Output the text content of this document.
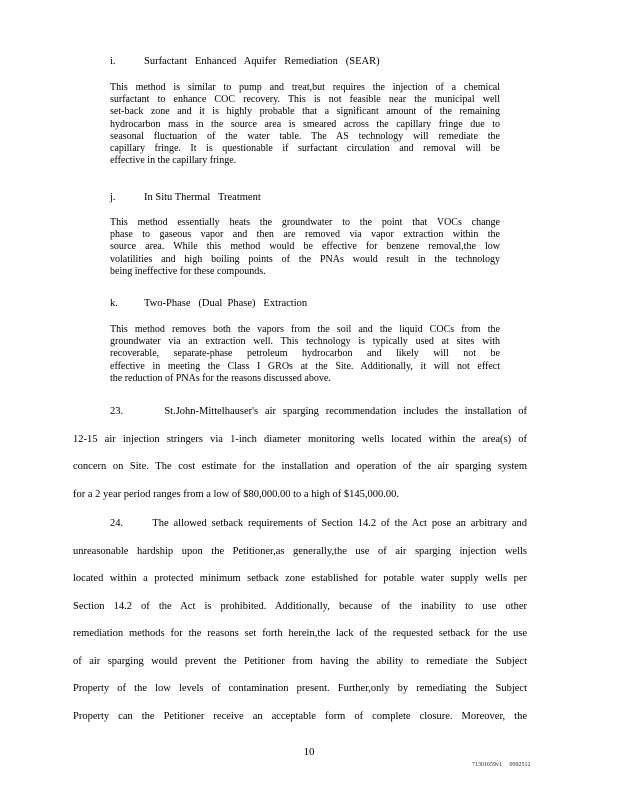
i.	Surfactant   Enhanced   Aquifer   Remediation   (SEAR)
This method is similar to pump and treat,but requires the injection of a chemical
surfactant to enhance COC recovery. This is not feasible near the municipal well
set-back zone and it is highly probable that a significant amount of the remaining
hydrocarbon mass in the source area is smeared across the capillary fringe due to
seasonal fluctuation of the water table. The AS technology will remediate the
capillary fringe. It is questionable if surfactant circulation and removal will be
effective in the capillary fringe.
j.	In Situ Thermal   Treatment
This method essentially heats the groundwater to the point that VOCs change
phase to gaseous vapor and then are removed via vapor extraction within the
source area. While this method would be effective for benzene removal,the low
volatilities and high boiling points of the PNAs would result in the technology
being ineffective for these compounds.
k. Two-Phase   (Dual  Phase)   Extraction
This method removes both the vapors from the soil and the liquid COCs from the
groundwater via an extraction well. This technology is typically used at sites with
recoverable, separate-phase petroleum hydrocarbon and likely will not be
effective in meeting the Class I GROs at the Site. Additionally, it will not effect
the reduction of PNAs for the reasons discussed above.
23.      St.John-Mittelhauser's air sparging recommendation includes the installation of
12-15 air injection stringers via 1-inch diameter monitoring wells located within the area(s) of
concern on Site. The cost estimate for the installation and operation of the air sparging system
for a 2 year period ranges from a low of $80,000.00 to a high of $145,000.00.
24.      The allowed setback requirements of Section 14.2 of the Act pose an arbitrary and
unreasonable hardship upon the Petitioner,as generally,the use of air sparging injection wells
located within a protected minimum setback zone established for potable water supply wells per
Section 14.2 of the Act is prohibited. Additionally, because of the inability to use other
remediation methods for the reasons set forth herein,the lack of the requested setback for the use
of air sparging would prevent the Petitioner from having the ability to remediate the Subject
Property of the low levels of contamination present. Further,only by remediating the Subject
Property can the Petitioner receive an acceptable form of complete closure. Moreover, the
10
71301659v1     0992512
